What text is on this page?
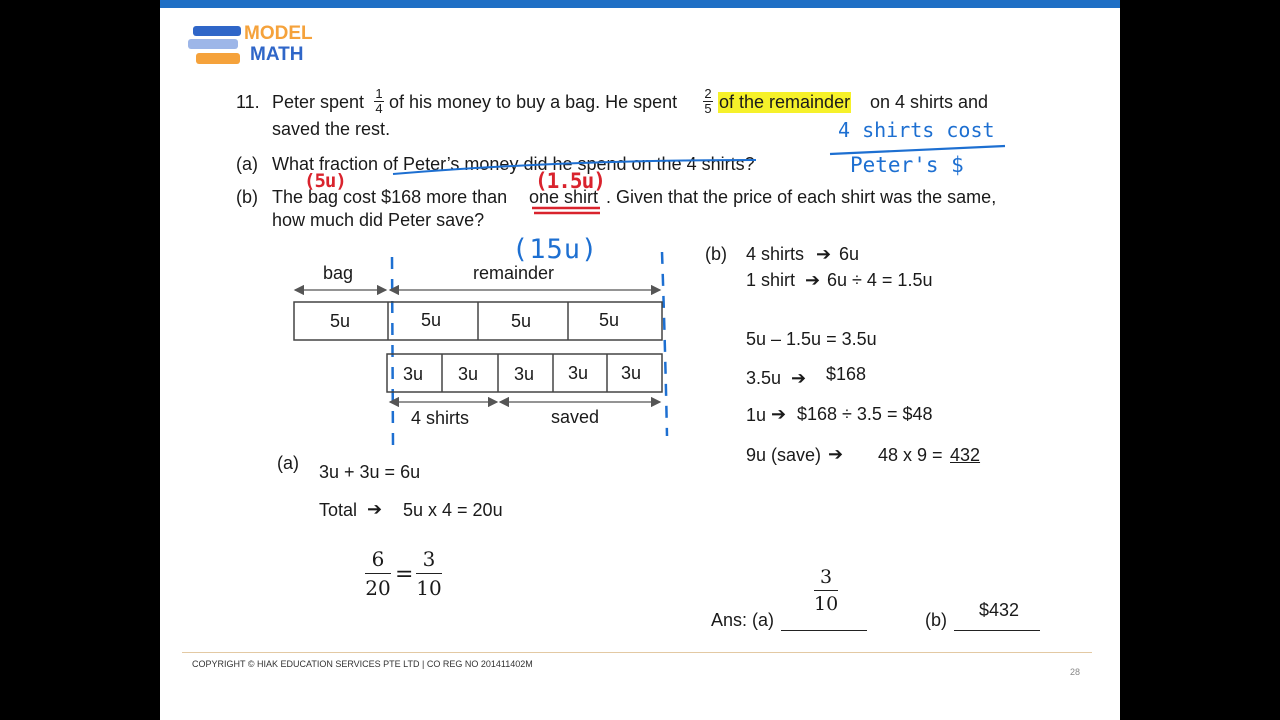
MODEL
MATH
11. Peter spent 1
4 of his money to buy a bag. He spent 2
5 of the remainder on 4 shirts and
saved the rest.
(a) What fraction of Peter’s money did he spend on the 4 shirts?
(b) The bag cost $168 more than one shirt . Given that the price of each shirt was the same,
how much did Peter save?
(5u)	(1.5u)
(15u)
4 shirts cost
Peter's $
bag	remainder
5u	5u	5u	5u
3u 3u 3u 3u 3u
4 shirts	saved
(a) 3u + 3u = 6u
Total ➔ 5u x 4 = 20u
6
20
=
3
10
(b) 4 shirts ➔ 6u
1 shirt ➔ 6u ÷ 4 = 1.5u
5u – 1.5u = 3.5u
3.5u ➔ $168
1u ➔ $168 ÷ 3.5 = $48
9u (save) ➔ 48 x 9 = 432
Ans: (a)
3
10
(b) $432
COPYRIGHT © HIAK EDUCATION SERVICES PTE LTD | CO REG NO 201411402M
28
